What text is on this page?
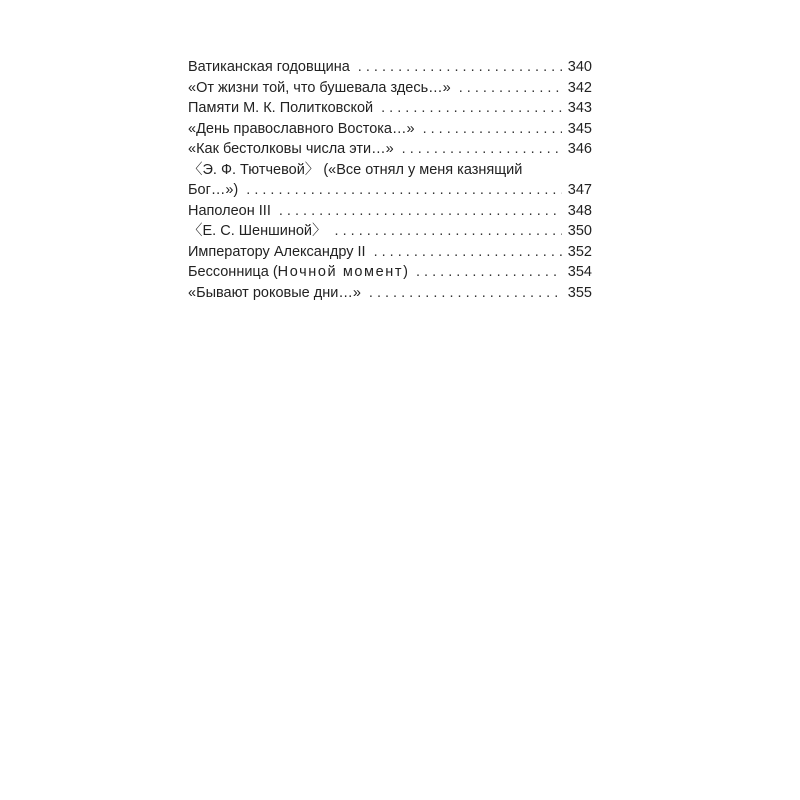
Ватиканская годовщина . . .	340
«От жизни той, что бушевала здесь…» . . .	342
Памяти М. К. Политковской . . .	343
«День православного Востока…» . . .	345
«Как бестолковы числа эти…» . . .	346
〈Э. Ф. Тютчевой〉 («Все отнял у меня казнящий
Бог…») . . .	347
Наполеон III . . .	348
〈Е. С. Шеншиной〉 . . .	350
Императору Александру II . . .	352
Бессонница (Ночной момент) . . .	354
«Бывают роковые дни…» . . .	355
